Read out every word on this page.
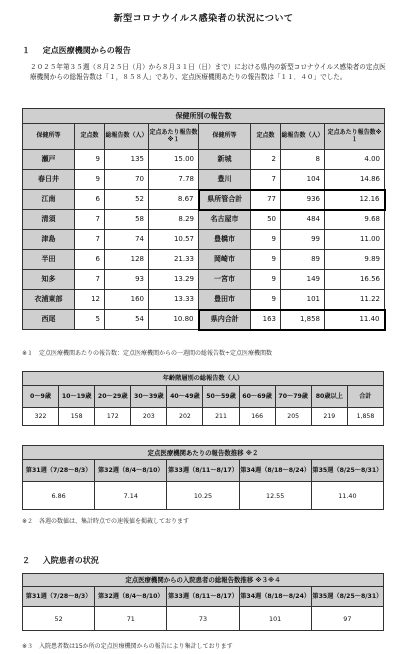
新型コロナウイルス感染者の状況について
１ 定点医療機関からの報告
２０２５年第３５週（８月２５日（月）から８月３１日（日）まで）における県内の新型コロナウイルス感染者の定点医療機関からの総報告数は「１，８５８人」であり、定点医療機関あたりの報告数は「１１．４０」でした。
保健所別の報告数							
保健所等	定点数	総報告数（人）	定点あたり報告数※１	保健所等	定点数	総報告数（人）	定点あたり報告数※１
瀬戸	9	135	15.00	新城	2	8	4.00
春日井	9	70	7.78	豊川	7	104	14.86
江南	6	52	8.67	県所管合計	77	936	12.16
清須	7	58	8.29	名古屋市	50	484	9.68
津島	7	74	10.57	豊橋市	9	99	11.00
半田	6	128	21.33	岡崎市	9	89	9.89
知多	7	93	13.29	一宮市	9	149	16.56
衣浦東部	12	160	13.33	豊田市	9	101	11.22
西尾	5	54	10.80	県内合計	163	1,858	11.40
※１　定点医療機関あたりの報告数：定点医療機関からの一週間の総報告数÷定点医療機関数
年齢階層別の総報告数（人）									
0～9歳	10～19歳	20～29歳	30～39歳	40～49歳	50～59歳	60～69歳	70～79歳	80歳以上	合計
322	158	172	203	202	211	166	205	219	1,858
定点医療機関あたりの報告数推移 ※２				
第31週（7/28～8/3）	第32週（8/4～8/10）	第33週（8/11～8/17）	第34週（8/18～8/24）	第35週（8/25～8/31）
6.86	7.14	10.25	12.55	11.40
※２　各週の数値は、集計時点での速報値を掲載しております
２ 入院患者の状況
定点医療機関からの入院患者の総報告数推移 ※３※４				
第31週（7/28～8/3）	第32週（8/4～8/10）	第33週（8/11～8/17）	第34週（8/18～8/24）	第35週（8/25～8/31）
52	71	73	101	97
※３　入院患者数は15か所の定点医療機関からの報告により集計しております
